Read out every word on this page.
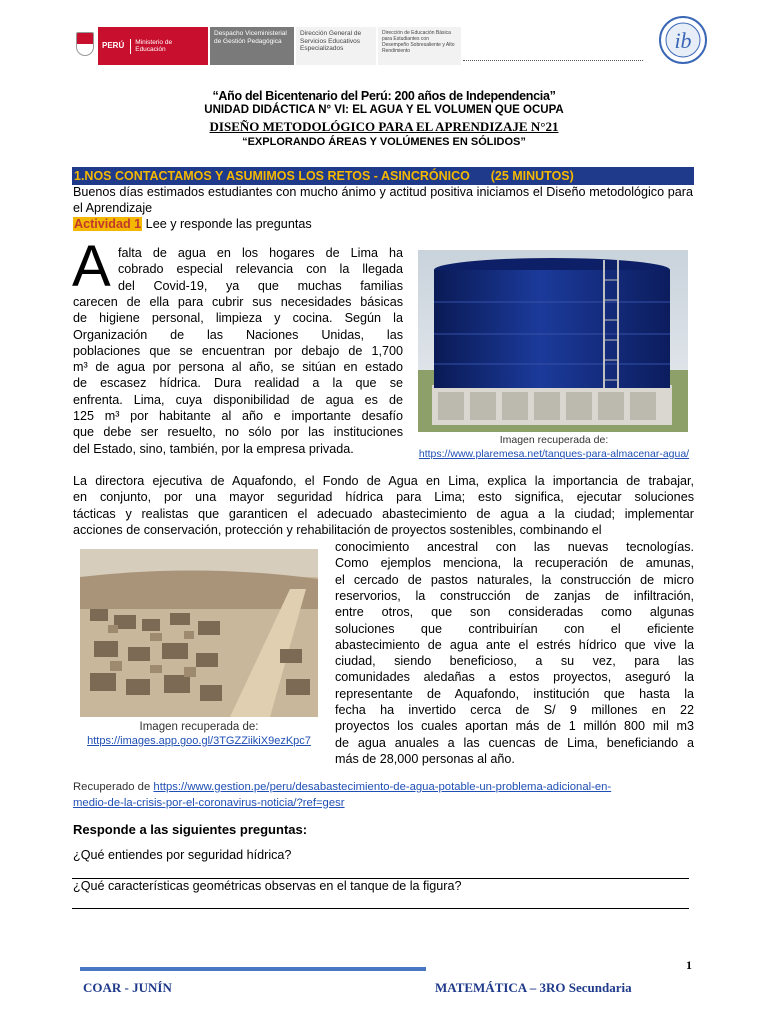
PERÚ	Ministerio de Educación
Despacho Viceministerial de Gestión Pedagógica
Dirección General de Servicios Educativos Especializados
Dirección de Educación Básica para Estudiantes con Desempeño Sobresaliente y Alto Rendimiento	ib
“Año del Bicentenario del Perú: 200 años de Independencia”
UNIDAD DIDÁCTICA N° VI: EL AGUA Y EL VOLUMEN QUE OCUPA
DISEÑO METODOLÓGICO PARA EL APRENDIZAJE N°21
“EXPLORANDO ÁREAS Y VOLÚMENES EN SÓLIDOS”
1.NOS CONTACTAMOS Y ASUMIMOS LOS RETOS - ASINCRÓNICO      (25 MINUTOS)
Buenos días estimados estudiantes con mucho ánimo y actitud positiva iniciamos el Diseño metodológico para el Aprendizaje
Actividad 1 Lee y responde las preguntas
A falta de agua en los hogares de Lima ha
cobrado especial relevancia con la llegada
del Covid-19, ya que muchas familias
carecen de ella para cubrir sus necesidades básicas
de higiene personal, limpieza y cocina. Según la
Organización de las Naciones Unidas, las
poblaciones que se encuentran por debajo de 1,700
m³ de agua por persona al año, se sitúan en estado
de escasez hídrica. Dura realidad a la que se
enfrenta. Lima, cuya disponibilidad de agua es de
125 m³ por habitante al año e importante desafío
que debe ser resuelto, no sólo por las instituciones
del Estado, sino, también, por la empresa privada.
Imagen recuperada de:
https://www.plaremesa.net/tanques-para-almacenar-agua/
La directora ejecutiva de Aquafondo, el Fondo de Agua en Lima, explica la importancia de trabajar,
en conjunto, por una mayor seguridad hídrica para Lima; esto significa, ejecutar soluciones
tácticas y realistas que garanticen el adecuado abastecimiento de agua a la ciudad; implementar
acciones de conservación, protección y rehabilitación de proyectos sostenibles, combinando el
Imagen recuperada de:
https://images.app.goo.gl/3TGZZiikiX9ezKpc7
conocimiento ancestral con las nuevas tecnologías.
Como ejemplos menciona, la recuperación de amunas,
el cercado de pastos naturales, la construcción de micro
reservorios, la construcción de zanjas de infiltración,
entre otros, que son consideradas como algunas
soluciones que contribuirían con el eficiente
abastecimiento de agua ante el estrés hídrico que vive la
ciudad, siendo beneficioso, a su vez, para las
comunidades aledañas a estos proyectos, aseguró la
representante de Aquafondo, institución que hasta la
fecha ha invertido cerca de S/ 9 millones en 22
proyectos los cuales aportan más de 1 millón 800 mil m3
de agua anuales a las cuencas de Lima, beneficiando a
más de 28,000 personas al año.
Recuperado de https://www.gestion.pe/peru/desabastecimiento-de-agua-potable-un-problema-adicional-en-
medio-de-la-crisis-por-el-coronavirus-noticia/?ref=gesr
Responde a las siguientes preguntas:
¿Qué entiendes por seguridad hídrica?
¿Qué características geométricas observas en el tanque de la figura?
1
COAR - JUNÍN	MATEMÁTICA – 3RO Secundaria
